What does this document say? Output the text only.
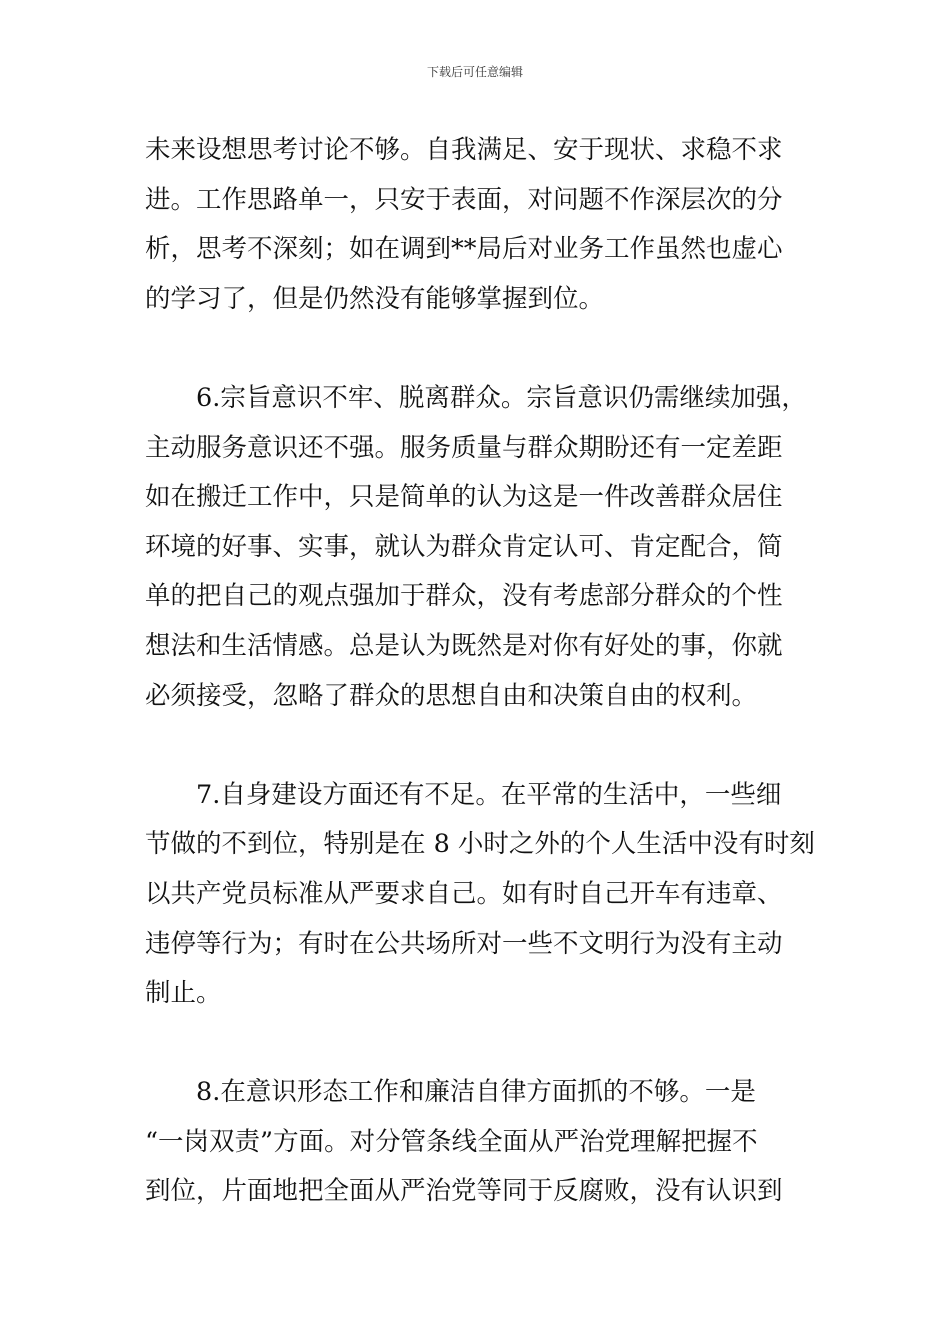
下载后可任意编辑
未来设想思考讨论不够。自我满足、安于现状、求稳不求
进。工作思路单一，只安于表面，对问题不作深层次的分
析，思考不深刻；如在调到**局后对业务工作虽然也虚心
的学习了，但是仍然没有能够掌握到位。
6.宗旨意识不牢、脱离群众。宗旨意识仍需继续加强，
主动服务意识还不强。服务质量与群众期盼还有一定差距
如在搬迁工作中，只是简单的认为这是一件改善群众居住
环境的好事、实事，就认为群众肯定认可、肯定配合，简
单的把自己的观点强加于群众，没有考虑部分群众的个性
想法和生活情感。总是认为既然是对你有好处的事，你就
必须接受，忽略了群众的思想自由和决策自由的权利。
7.自身建设方面还有不足。在平常的生活中，一些细
节做的不到位，特别是在 8 小时之外的个人生活中没有时刻
以共产党员标准从严要求自己。如有时自己开车有违章、
违停等行为；有时在公共场所对一些不文明行为没有主动
制止。
8.在意识形态工作和廉洁自律方面抓的不够。一是
“一岗双责”方面。对分管条线全面从严治党理解把握不
到位，片面地把全面从严治党等同于反腐败，没有认识到
